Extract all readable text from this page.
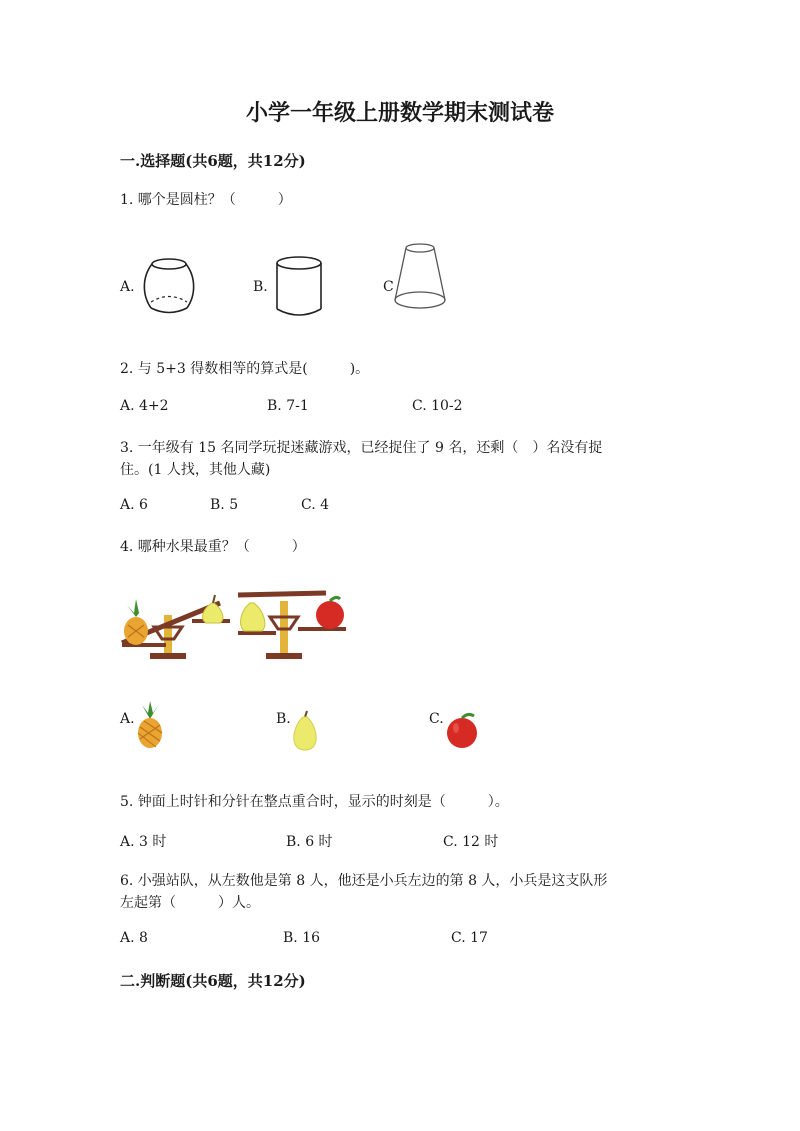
小学一年级上册数学期末测试卷
一.选择题(共6题，共12分)
1. 哪个是圆柱？（　　　）
A.	B.	C
2. 与 5+3 得数相等的算式是(　　　)。
A. 4+2	B. 7-1	C. 10-2
3. 一年级有 15 名同学玩捉迷藏游戏，已经捉住了 9 名，还剩（　）名没有捉
住。(1 人找，其他人藏)
A. 6	B. 5	C. 4
4. 哪种水果最重？（　　　）
A.	B.	C.
5. 钟面上时针和分针在整点重合时，显示的时刻是（　　　）。
A. 3 时	B. 6 时	C. 12 时
6. 小强站队，从左数他是第 8 人，他还是小兵左边的第 8 人，小兵是这支队形
左起第（　　　）人。
A. 8	B. 16	C. 17
二.判断题(共6题，共12分)
